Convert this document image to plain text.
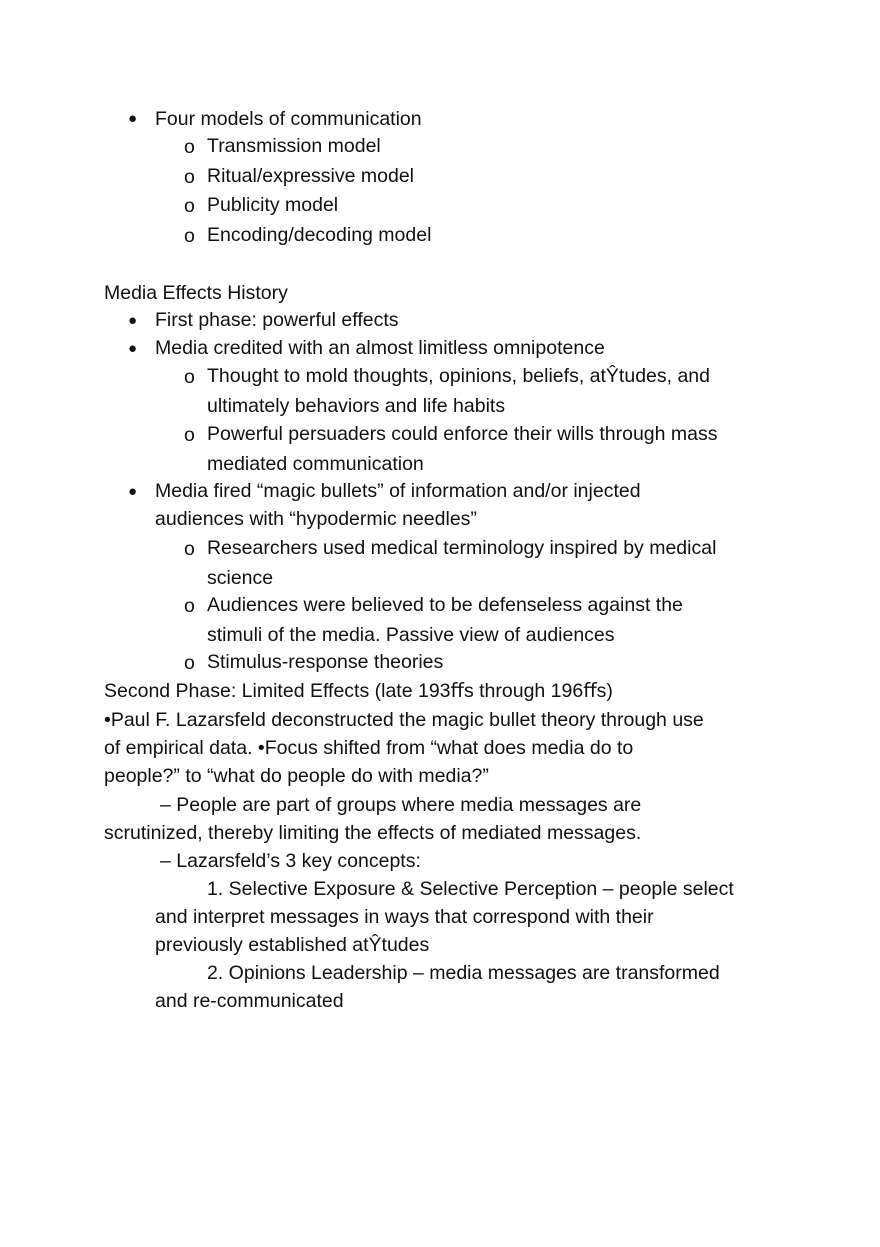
● Four models of communication
o Transmission model
o Ritual/expressive model
o Publicity model
o Encoding/decoding model
Media Effects History
● First phase: powerful effects
● Media credited with an almost limitless omnipotence
o Thought to mold thoughts, opinions, beliefs, atŶtudes, and
ultimately behaviors and life habits
o Powerful persuaders could enforce their wills through mass
mediated communication
● Media fired “magic bullets” of information and/or injected
audiences with “hypodermic needles”
o Researchers used medical terminology inspired by medical
science
o Audiences were believed to be defenseless against the
stimuli of the media. Passive view of audiences
o Stimulus-response theories
Second Phase: Limited Effects (late 193ﬀs through 196ﬀs)
•Paul F. Lazarsfeld deconstructed the magic bullet theory through use
of empirical data. •Focus shifted from “what does media do to
people?” to “what do people do with media?”
– People are part of groups where media messages are
scrutinized, thereby limiting the effects of mediated messages.
– Lazarsfeld’s 3 key concepts:
1. Selective Exposure & Selective Perception – people select
and interpret messages in ways that correspond with their
previously established atŶtudes
2. Opinions Leadership – media messages are transformed
and re-communicated
